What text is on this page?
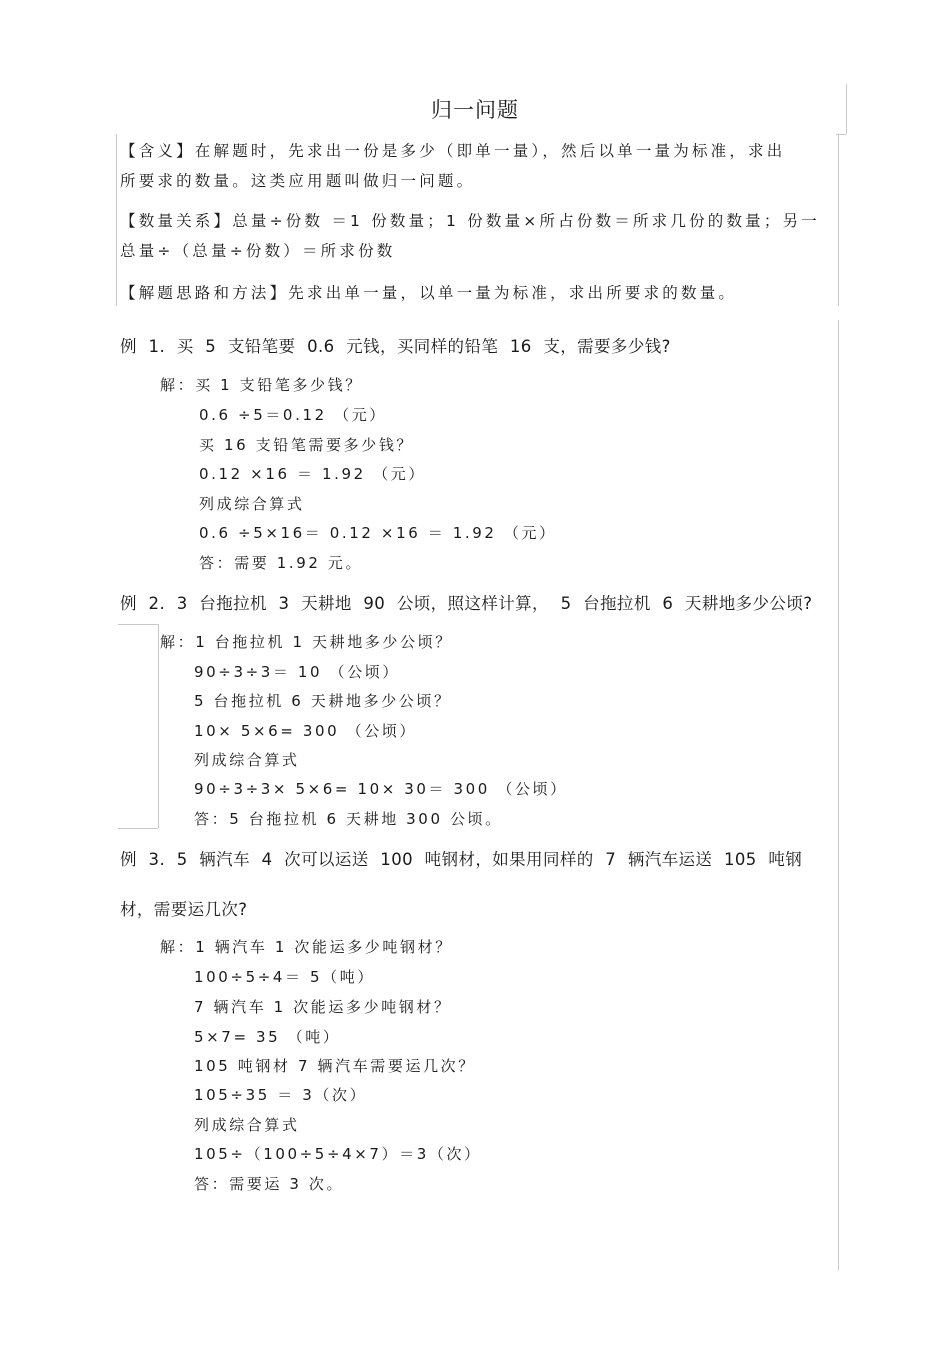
归一问题
【含义】在解题时，先求出一份是多少（即单一量），然后以单一量为标准，求出
所要求的数量。这类应用题叫做归一问题。
【数量关系】总量÷份数 ＝1 份数量；1 份数量×所占份数＝所求几份的数量；另一
总量÷（总量÷份数）＝所求份数
【解题思路和方法】先求出单一量，以单一量为标准，求出所要求的数量。
例 1. 买 5 支铅笔要 0.6 元钱，买同样的铅笔 16 支，需要多少钱?
解：买 1 支铅笔多少钱？
0.6 ÷5＝0.12 （元）
买 16 支铅笔需要多少钱？
0.12 ×16 ＝ 1.92 （元）
列成综合算式
0.6 ÷5×16＝ 0.12 ×16 ＝ 1.92 （元）
答：需要 1.92 元。
例 2. 3 台拖拉机 3 天耕地 90 公顷，照这样计算， 5 台拖拉机 6 天耕地多少公顷?
解：1 台拖拉机 1 天耕地多少公顷？
90÷3÷3＝ 10 （公顷）
5 台拖拉机 6 天耕地多少公顷？
10× 5×6= 300 （公顷）
列成综合算式
90÷3÷3× 5×6= 10× 30＝ 300 （公顷）
答：5 台拖拉机 6 天耕地 300 公顷。
例 3. 5 辆汽车 4 次可以运送 100 吨钢材，如果用同样的 7 辆汽车运送 105 吨钢
材，需要运几次?
解：1 辆汽车 1 次能运多少吨钢材？
100÷5÷4＝ 5（吨）
7 辆汽车 1 次能运多少吨钢材？
5×7= 35 （吨）
105 吨钢材 7 辆汽车需要运几次？
105÷35 ＝ 3（次）
列成综合算式
105÷（100÷5÷4×7）＝3（次）
答：需要运 3 次。
